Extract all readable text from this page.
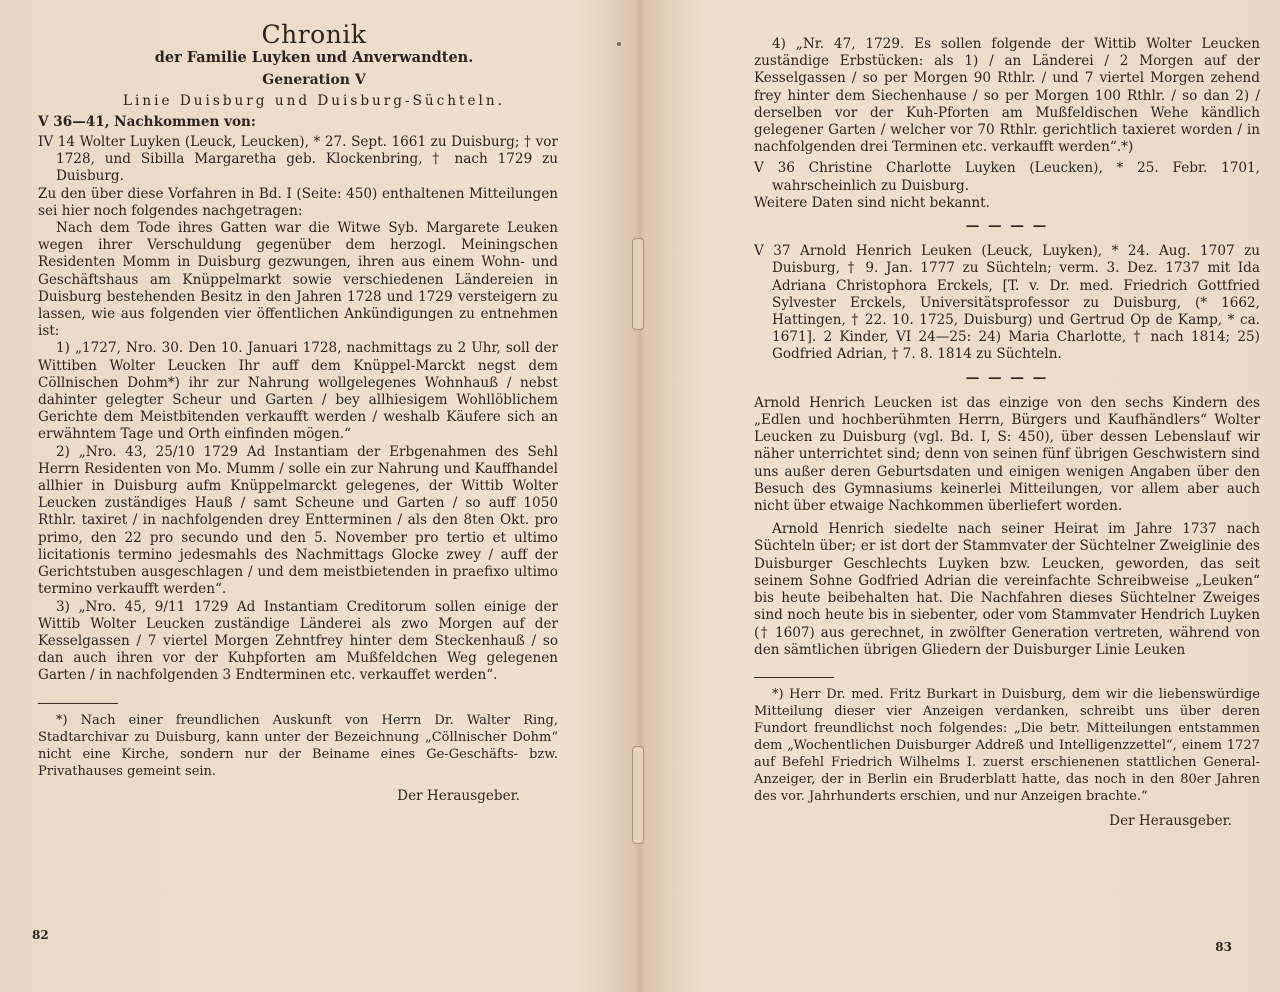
Chronik
der Familie Luyken und Anverwandten.
Generation V
Linie Duisburg und Duisburg-Süchteln.
V 36—41, Nachkommen von:

IV 14 Wolter Luyken (Leuck, Leucken), * 27. Sept. 1661 zu Duisburg; † vor 1728, und Sibilla Margaretha geb. Klockenbring, † nach 1729 zu Duisburg.

Zu den über diese Vorfahren in Bd. I (Seite: 450) enthaltenen Mitteilungen sei hier noch folgendes nachgetragen:

Nach dem Tode ihres Gatten war die Witwe Syb. Margarete Leuken wegen ihrer Verschuldung gegenüber dem herzogl. Meiningschen Residenten Momm in Duisburg gezwungen, ihren aus einem Wohn- und Geschäftshaus am Knüppelmarkt sowie verschiedenen Ländereien in Duisburg bestehenden Besitz in den Jahren 1728 und 1729 versteigern zu lassen, wie aus folgenden vier öffentlichen Ankündigungen zu entnehmen ist:

1) „1727, Nro. 30. Den 10. Januari 1728, nachmittags zu 2 Uhr, soll der Wittiben Wolter Leucken Ihr auff dem Knüppel-Marckt negst dem Cöllnischen Dohm*) ihr zur Nahrung wollgelegenes Wohnhauß / nebst dahinter gelegter Scheur und Garten / bey allhiesigem Wohllöblichem Gerichte dem Meistbitenden verkaufft werden / weshalb Käufere sich an erwähntem Tage und Orth einfinden mögen.“

2) „Nro. 43, 25/10 1729 Ad Instantiam der Erbgenahmen des Sehl Herrn Residenten von Mo. Mumm / solle ein zur Nahrung und Kauffhandel allhier in Duisburg aufm Knüppelmarckt gelegenes, der Wittib Wolter Leucken zuständiges Hauß / samt Scheune und Garten / so auff 1050 Rthlr. taxiret / in nachfolgenden drey Entterminen / als den 8ten Okt. pro primo, den 22 pro secundo und den 5. November pro tertio et ultimo licitationis termino jedesmahls des Nachmittags Glocke zwey / auff der Gerichtstuben ausgeschlagen / und dem meistbietenden in praefixo ultimo termino verkaufft werden“.

3) „Nro. 45, 9/11 1729 Ad Instantiam Creditorum sollen einige der Wittib Wolter Leucken zuständige Länderei als zwo Morgen auf der Kesselgassen / 7 viertel Morgen Zehntfrey hinter dem Steckenhauß / so dan auch ihren vor der Kuhpforten am Mußfeldchen Weg gelegenen Garten / in nachfolgenden 3 Endterminen etc. verkauffet werden“.

*) Nach einer freundlichen Auskunft von Herrn Dr. Walter Ring, Stadtarchivar zu Duisburg, kann unter der Bezeichnung „Cöllnischer Dohm“ nicht eine Kirche, sondern nur der Beiname eines Ge-Geschäfts- bzw. Privathauses gemeint sein.

Der Herausgeber.
82

4) „Nr. 47, 1729. Es sollen folgende der Wittib Wolter Leucken zuständige Erbstücken: als 1) / an Länderei / 2 Morgen auf der Kesselgassen / so per Morgen 90 Rthlr. / und 7 viertel Morgen zehend frey hinter dem Siechenhause / so per Morgen 100 Rthlr. / so dan 2) / derselben vor der Kuh-Pforten am Mußfeldischen Wehe kändlich gelegener Garten / welcher vor 70 Rthlr. gerichtlich taxieret worden / in nachfolgenden drei Terminen etc. verkaufft werden“.*)

V 36 Christine Charlotte Luyken (Leucken), * 25. Febr. 1701, wahrscheinlich zu Duisburg.

Weitere Daten sind nicht bekannt.

— — — —

V 37 Arnold Henrich Leuken (Leuck, Luyken), * 24. Aug. 1707 zu Duisburg, † 9. Jan. 1777 zu Süchteln; verm. 3. Dez. 1737 mit Ida Adriana Christophora Erckels, [T. v. Dr. med. Friedrich Gottfried Sylvester Erckels, Universitätsprofessor zu Duisburg, (* 1662, Hattingen, † 22. 10. 1725, Duisburg) und Gertrud Op de Kamp, * ca. 1671]. 2 Kinder, VI 24—25: 24) Maria Charlotte, † nach 1814; 25) Godfried Adrian, † 7. 8. 1814 zu Süchteln.

— — — —

Arnold Henrich Leucken ist das einzige von den sechs Kindern des „Edlen und hochberühmten Herrn, Bürgers und Kaufhändlers“ Wolter Leucken zu Duisburg (vgl. Bd. I, S: 450), über dessen Lebenslauf wir näher unterrichtet sind; denn von seinen fünf übrigen Geschwistern sind uns außer deren Geburtsdaten und einigen wenigen Angaben über den Besuch des Gymnasiums keinerlei Mitteilungen, vor allem aber auch nicht über etwaige Nachkommen überliefert worden.

Arnold Henrich siedelte nach seiner Heirat im Jahre 1737 nach Süchteln über; er ist dort der Stammvater der Süchtelner Zweiglinie des Duisburger Geschlechts Luyken bzw. Leucken, geworden, das seit seinem Sohne Godfried Adrian die vereinfachte Schreibweise „Leuken“ bis heute beibehalten hat. Die Nachfahren dieses Süchtelner Zweiges sind noch heute bis in siebenter, oder vom Stammvater Hendrich Luyken († 1607) aus gerechnet, in zwölfter Generation vertreten, während von den sämtlichen übrigen Gliedern der Duisburger Linie Leuken

*) Herr Dr. med. Fritz Burkart in Duisburg, dem wir die liebenswürdige Mitteilung dieser vier Anzeigen verdanken, schreibt uns über deren Fundort freundlichst noch folgendes: „Die betr. Mitteilungen entstammen dem „Wochentlichen Duisburger Addreß und Intelligenzzettel“, einem 1727 auf Befehl Friedrich Wilhelms I. zuerst erschienenen stattlichen General-Anzeiger, der in Berlin ein Bruderblatt hatte, das noch in den 80er Jahren des vor. Jahrhunderts erschien, und nur Anzeigen brachte.“

Der Herausgeber.
83
